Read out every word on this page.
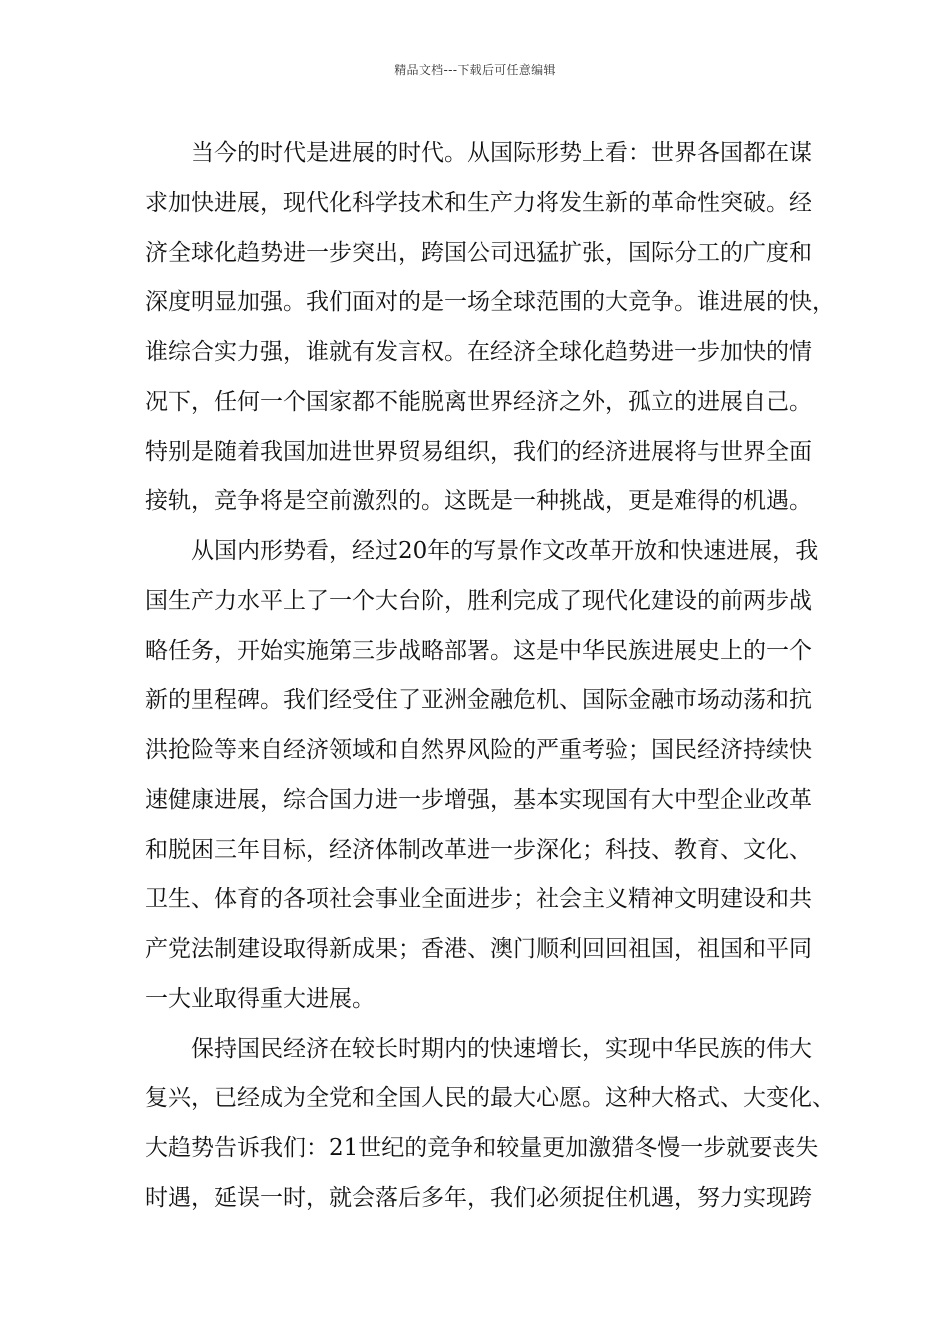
精品文档---下载后可任意编辑
当今的时代是进展的时代。从国际形势上看：世界各国都在谋
求加快进展，现代化科学技术和生产力将发生新的革命性突破。经
济全球化趋势进一步突出，跨国公司迅猛扩张，国际分工的广度和
深度明显加强。我们面对的是一场全球范围的大竞争。谁进展的快，
谁综合实力强，谁就有发言权。在经济全球化趋势进一步加快的情
况下，任何一个国家都不能脱离世界经济之外，孤立的进展自己。
特别是随着我国加进世界贸易组织，我们的经济进展将与世界全面
接轨，竞争将是空前激烈的。这既是一种挑战，更是难得的机遇。
从国内形势看，经过20年的写景作文改革开放和快速进展，我
国生产力水平上了一个大台阶，胜利完成了现代化建设的前两步战
略任务，开始实施第三步战略部署。这是中华民族进展史上的一个
新的里程碑。我们经受住了亚洲金融危机、国际金融市场动荡和抗
洪抢险等来自经济领域和自然界风险的严重考验；国民经济持续快
速健康进展，综合国力进一步增强，基本实现国有大中型企业改革
和脱困三年目标，经济体制改革进一步深化；科技、教育、文化、
卫生、体育的各项社会事业全面进步；社会主义精神文明建设和共
产党法制建设取得新成果；香港、澳门顺利回回祖国，祖国和平同
一大业取得重大进展。
保持国民经济在较长时期内的快速增长，实现中华民族的伟大
复兴，已经成为全党和全国人民的最大心愿。这种大格式、大变化、
大趋势告诉我们：21世纪的竞争和较量更加激猎冬慢一步就要丧失
时遇，延误一时，就会落后多年，我们必须捉住机遇，努力实现跨
